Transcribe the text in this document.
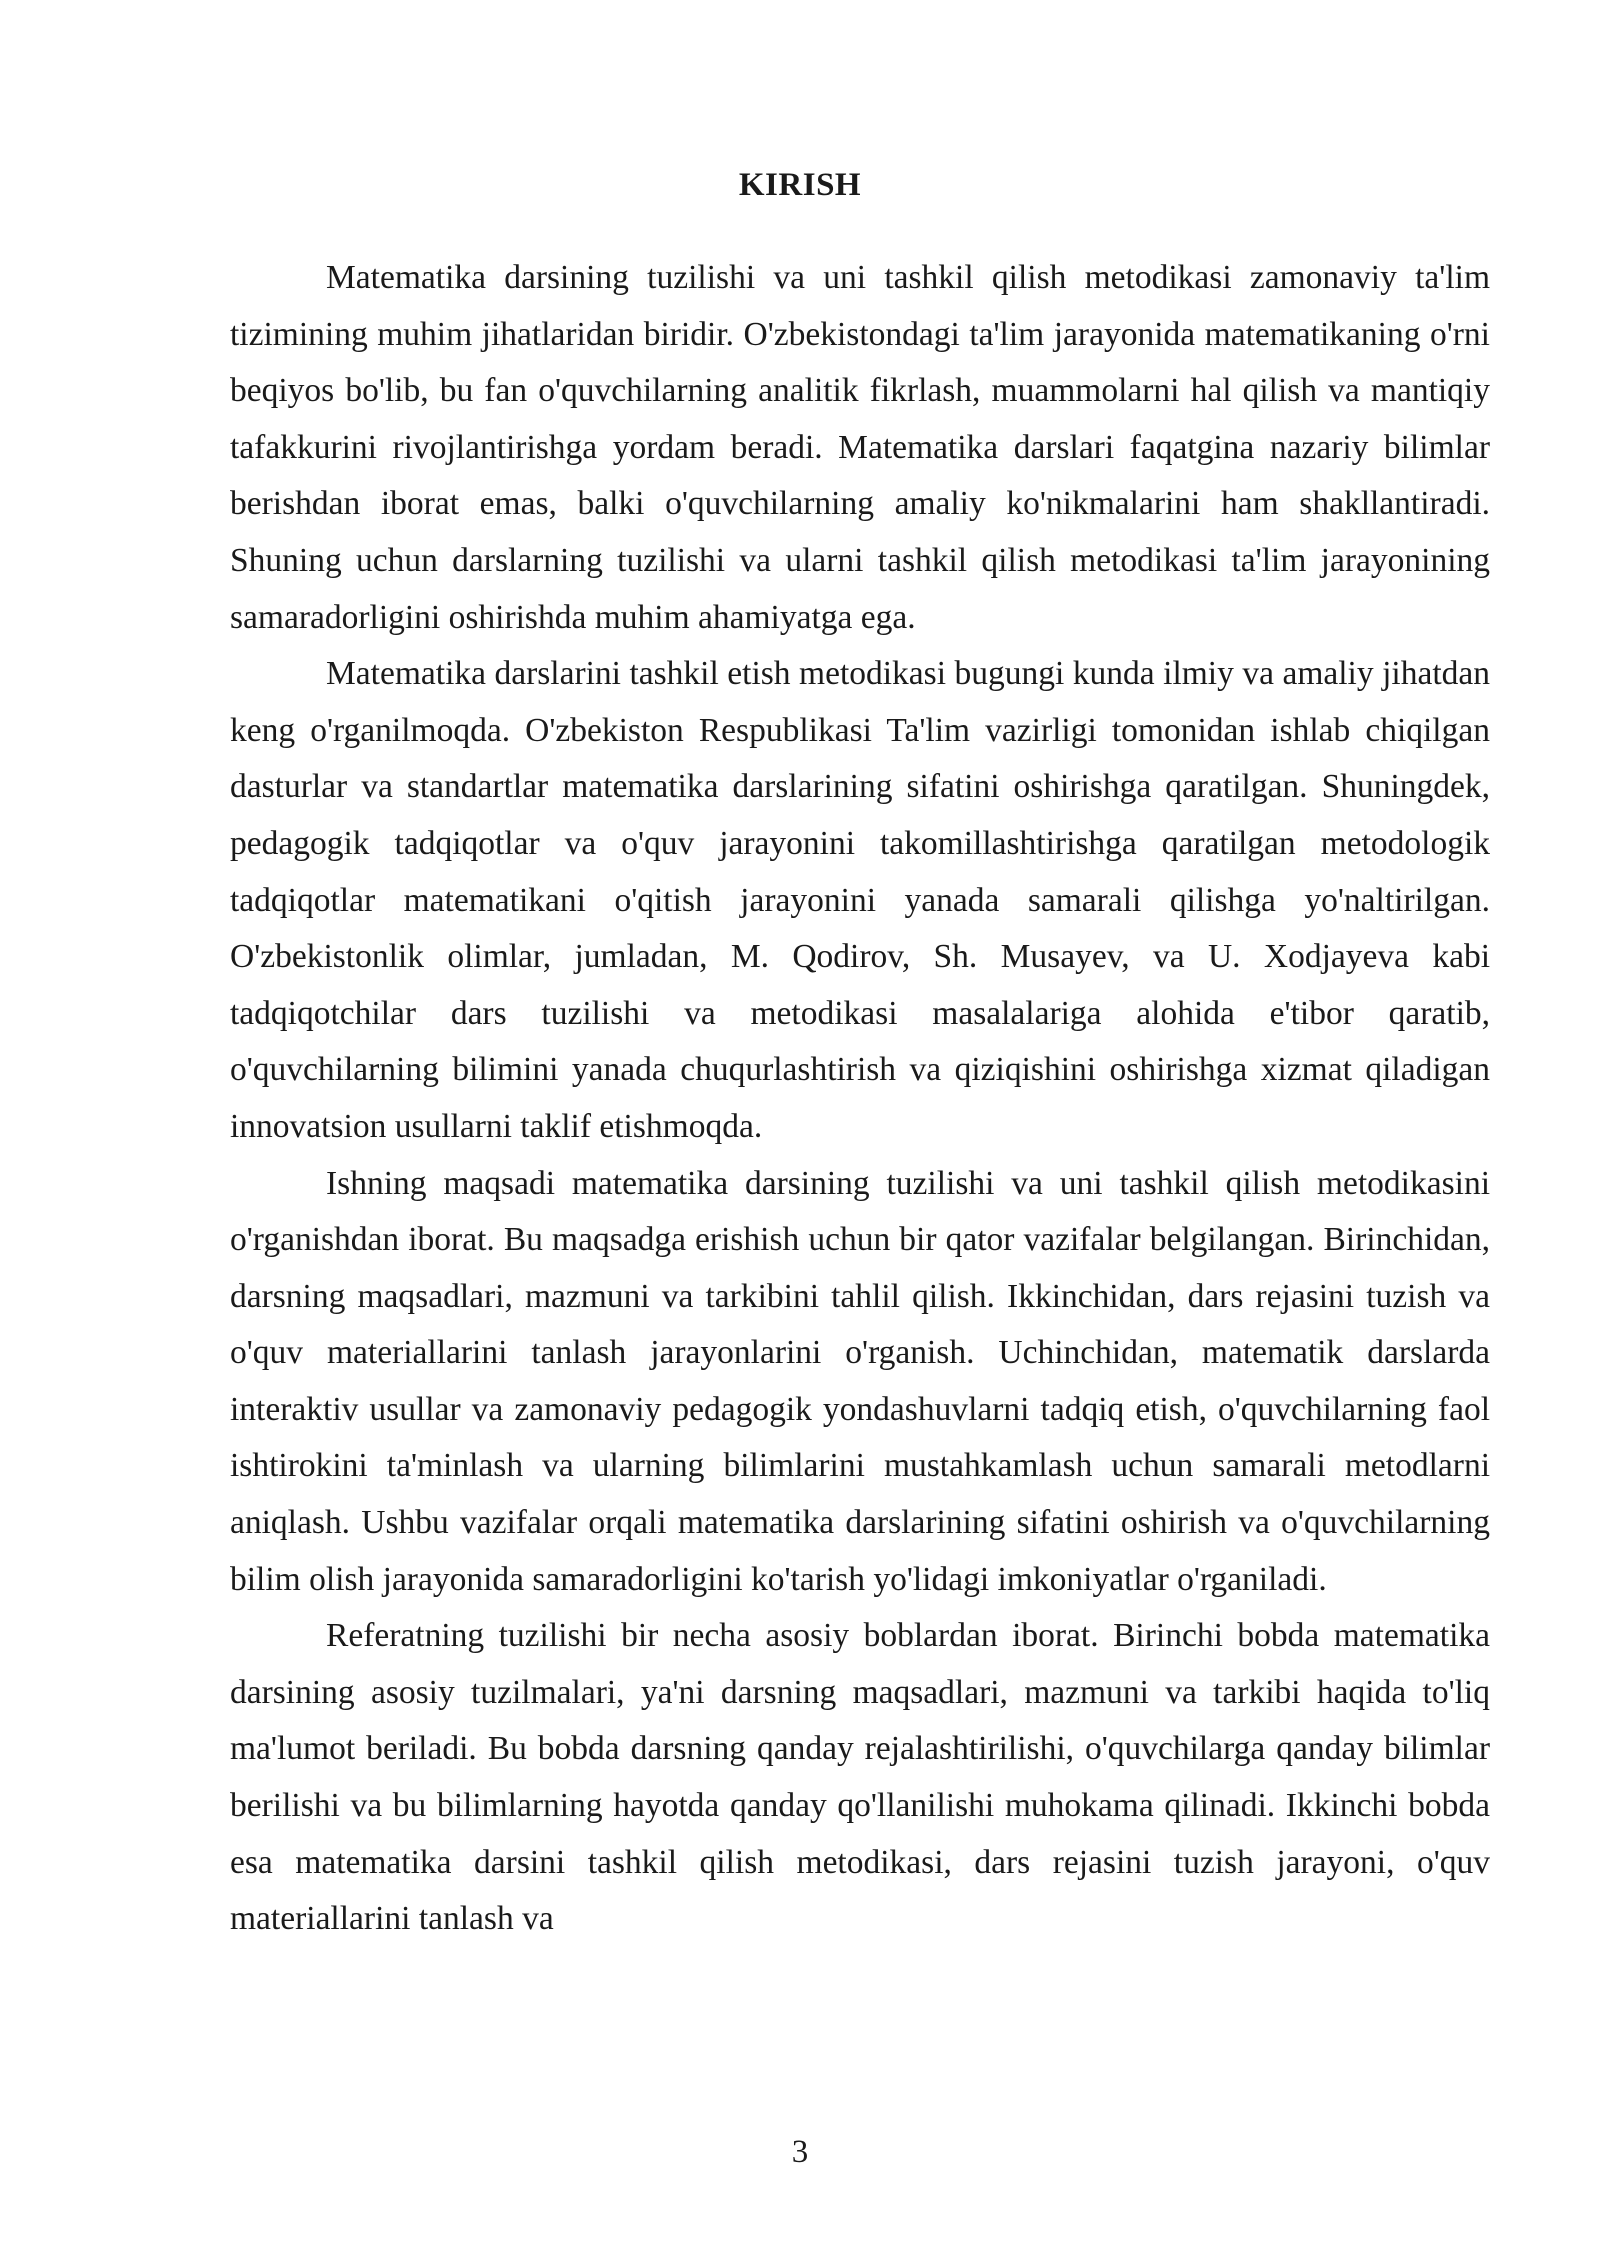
KIRISH

Matematika darsining tuzilishi va uni tashkil qilish metodikasi zamonaviy ta'lim tizimining muhim jihatlaridan biridir. O'zbekistondagi ta'lim jarayonida matematikaning o'rni beqiyos bo'lib, bu fan o'quvchilarning analitik fikrlash, muammolarni hal qilish va mantiqiy tafakkurini rivojlantirishga yordam beradi. Matematika darslari faqatgina nazariy bilimlar berishdan iborat emas, balki o'quvchilarning amaliy ko'nikmalarini ham shakllantiradi. Shuning uchun darslarning tuzilishi va ularni tashkil qilish metodikasi ta'lim jarayonining samaradorligini oshirishda muhim ahamiyatga ega.

Matematika darslarini tashkil etish metodikasi bugungi kunda ilmiy va amaliy jihatdan keng o'rganilmoqda. O'zbekiston Respublikasi Ta'lim vazirligi tomonidan ishlab chiqilgan dasturlar va standartlar matematika darslarining sifatini oshirishga qaratilgan. Shuningdek, pedagogik tadqiqotlar va o'quv jarayonini takomillashtirishga qaratilgan metodologik tadqiqotlar matematikani o'qitish jarayonini yanada samarali qilishga yo'naltirilgan. O'zbekistonlik olimlar, jumladan, M. Qodirov, Sh. Musayev, va U. Xodjayeva kabi tadqiqotchilar dars tuzilishi va metodikasi masalalariga alohida e'tibor qaratib, o'quvchilarning bilimini yanada chuqurlashtirish va qiziqishini oshirishga xizmat qiladigan innovatsion usullarni taklif etishmoqda.

Ishning maqsadi matematika darsining tuzilishi va uni tashkil qilish metodikasini o'rganishdan iborat. Bu maqsadga erishish uchun bir qator vazifalar belgilangan. Birinchidan, darsning maqsadlari, mazmuni va tarkibini tahlil qilish. Ikkinchidan, dars rejasini tuzish va o'quv materiallarini tanlash jarayonlarini o'rganish. Uchinchidan, matematik darslarda interaktiv usullar va zamonaviy pedagogik yondashuvlarni tadqiq etish, o'quvchilarning faol ishtirokini ta'minlash va ularning bilimlarini mustahkamlash uchun samarali metodlarni aniqlash. Ushbu vazifalar orqali matematika darslarining sifatini oshirish va o'quvchilarning bilim olish jarayonida samaradorligini ko'tarish yo'lidagi imkoniyatlar o'rganiladi.

Referatning tuzilishi bir necha asosiy boblardan iborat. Birinchi bobda matematika darsining asosiy tuzilmalari, ya'ni darsning maqsadlari, mazmuni va tarkibi haqida to'liq ma'lumot beriladi. Bu bobda darsning qanday rejalashtirilishi, o'quvchilarga qanday bilimlar berilishi va bu bilimlarning hayotda qanday qo'llanilishi muhokama qilinadi. Ikkinchi bobda esa matematika darsini tashkil qilish metodikasi, dars rejasini tuzish jarayoni, o'quv materiallarini tanlash va

3
